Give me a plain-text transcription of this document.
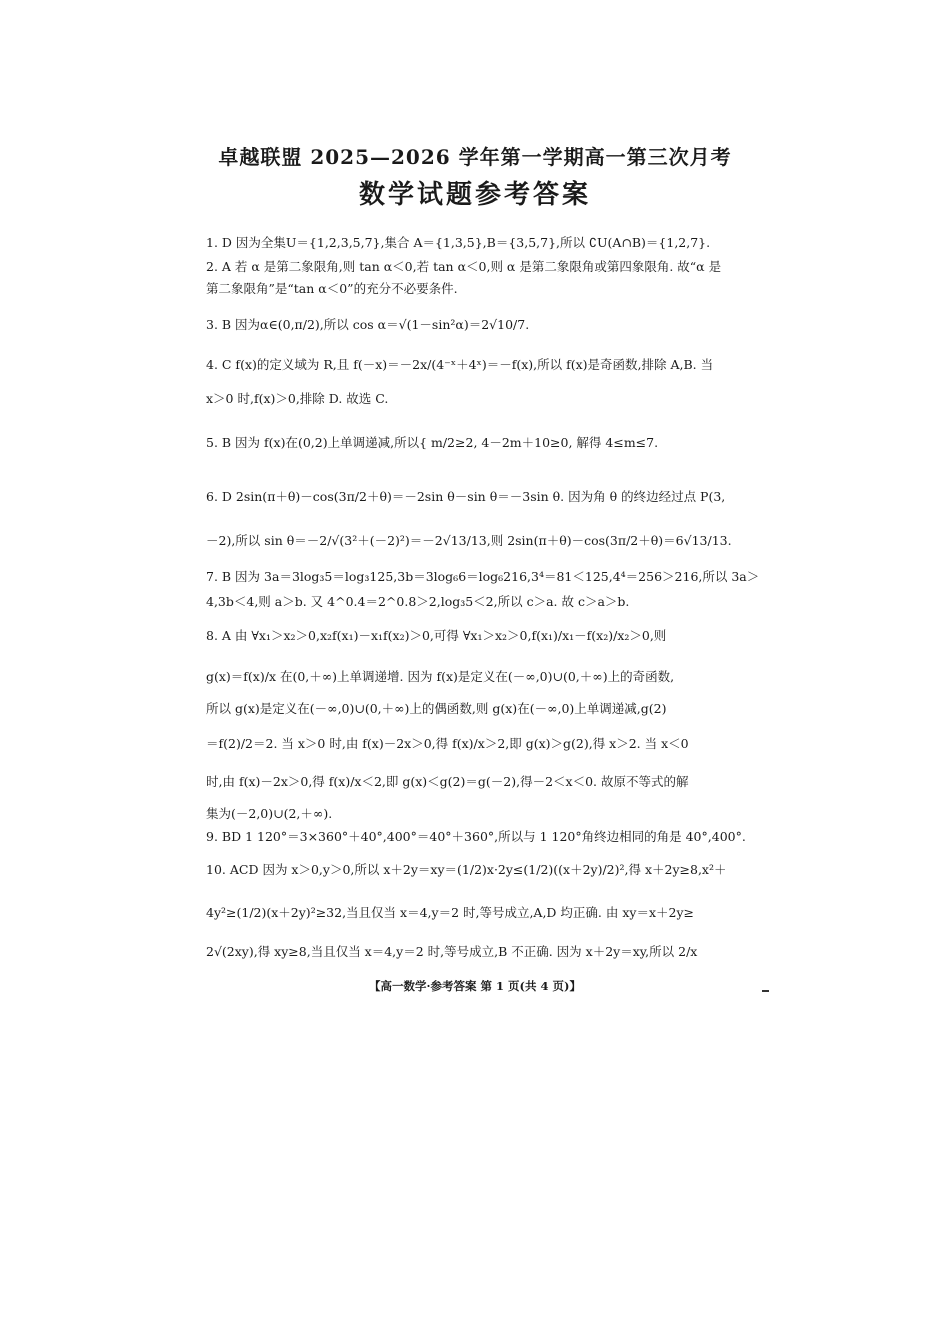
卓越联盟 2025—2026 学年第一学期高一第三次月考
数学试题参考答案
1. D 因为全集U＝{1,2,3,5,7},集合 A＝{1,3,5},B＝{3,5,7},所以 ∁U(A∩B)＝{1,2,7}.
2. A 若 α 是第二象限角,则 tan α＜0,若 tan α＜0,则 α 是第二象限角或第四象限角. 故“α 是
第二象限角”是“tan α＜0”的充分不必要条件.
3. B 因为α∈(0,π/2),所以 cos α＝√(1－sin²α)＝2√10/7.
4. C f(x)的定义域为 R,且 f(－x)＝－2x/(4⁻ˣ＋4ˣ)＝－f(x),所以 f(x)是奇函数,排除 A,B. 当
x＞0 时,f(x)＞0,排除 D. 故选 C.
5. B 因为 f(x)在(0,2)上单调递减,所以{ m/2≥2, 4－2m＋10≥0, 解得 4≤m≤7.
6. D 2sin(π＋θ)－cos(3π/2＋θ)＝－2sin θ－sin θ＝－3sin θ. 因为角 θ 的终边经过点 P(3,
－2),所以 sin θ＝－2/√(3²＋(－2)²)＝－2√13/13,则 2sin(π＋θ)－cos(3π/2＋θ)＝6√13/13.
7. B 因为 3a＝3log₃5＝log₃125,3b＝3log₆6＝log₆216,3⁴＝81＜125,4⁴＝256＞216,所以 3a＞
4,3b＜4,则 a＞b. 又 4^0.4＝2^0.8＞2,log₃5＜2,所以 c＞a. 故 c＞a＞b.
8. A 由 ∀x₁＞x₂＞0,x₂f(x₁)－x₁f(x₂)＞0,可得 ∀x₁＞x₂＞0,f(x₁)/x₁－f(x₂)/x₂＞0,则
g(x)＝f(x)/x 在(0,＋∞)上单调递增. 因为 f(x)是定义在(－∞,0)∪(0,＋∞)上的奇函数,
所以 g(x)是定义在(－∞,0)∪(0,＋∞)上的偶函数,则 g(x)在(－∞,0)上单调递减,g(2)
＝f(2)/2＝2. 当 x＞0 时,由 f(x)－2x＞0,得 f(x)/x＞2,即 g(x)＞g(2),得 x＞2. 当 x＜0
时,由 f(x)－2x＞0,得 f(x)/x＜2,即 g(x)＜g(2)＝g(－2),得－2＜x＜0. 故原不等式的解
集为(－2,0)∪(2,＋∞).
9. BD 1 120°＝3×360°＋40°,400°＝40°＋360°,所以与 1 120°角终边相同的角是 40°,400°.
10. ACD 因为 x＞0,y＞0,所以 x＋2y＝xy＝(1/2)x·2y≤(1/2)((x＋2y)/2)²,得 x＋2y≥8,x²＋
4y²≥(1/2)(x＋2y)²≥32,当且仅当 x＝4,y＝2 时,等号成立,A,D 均正确. 由 xy＝x＋2y≥
2√(2xy),得 xy≥8,当且仅当 x＝4,y＝2 时,等号成立,B 不正确. 因为 x＋2y＝xy,所以 2/x
【高一数学·参考答案 第 1 页(共 4 页)】
